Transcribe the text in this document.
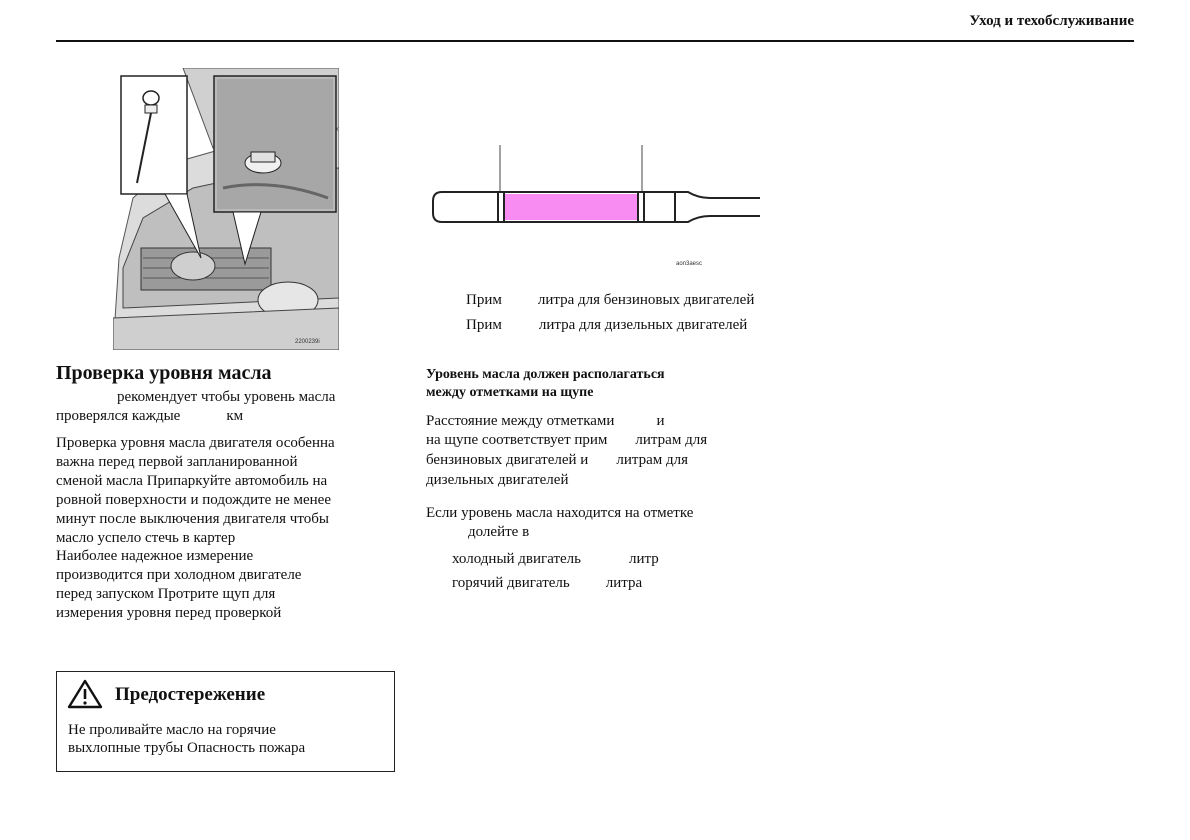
Уход и техобслуживание
2200239i
aon3aesc
Прим литра для бензиновых двигателей
Прим литра для дизельных двигателей
Проверка уровня масла

рекомендует чтобы уровень масла

проверялся каждые	км

Проверка уровня масла двигателя особенна

важна перед первой запланированной

сменой масла Припаркуйте автомобиль на

ровной поверхности и подождите не менее

минут после выключения двигателя чтобы

масло успело стечь в картер

Наиболее надежное измерение

производится при холодном двигателе

перед запуском Протрите щуп для

измерения уровня перед проверкой

Предостережение
Не проливайте масло на горячие
выхлопные трубы Опасность пожара
Уровень масла должен располагаться
между отметками на щупе

Расстояние между отметками	и

на щупе соответствует прим литрам для

бензиновых двигателей и литрам для

дизельных двигателей

Если уровень масла находится на отметке

долейте в

холодный двигатель	литр
горячий двигатель литра
